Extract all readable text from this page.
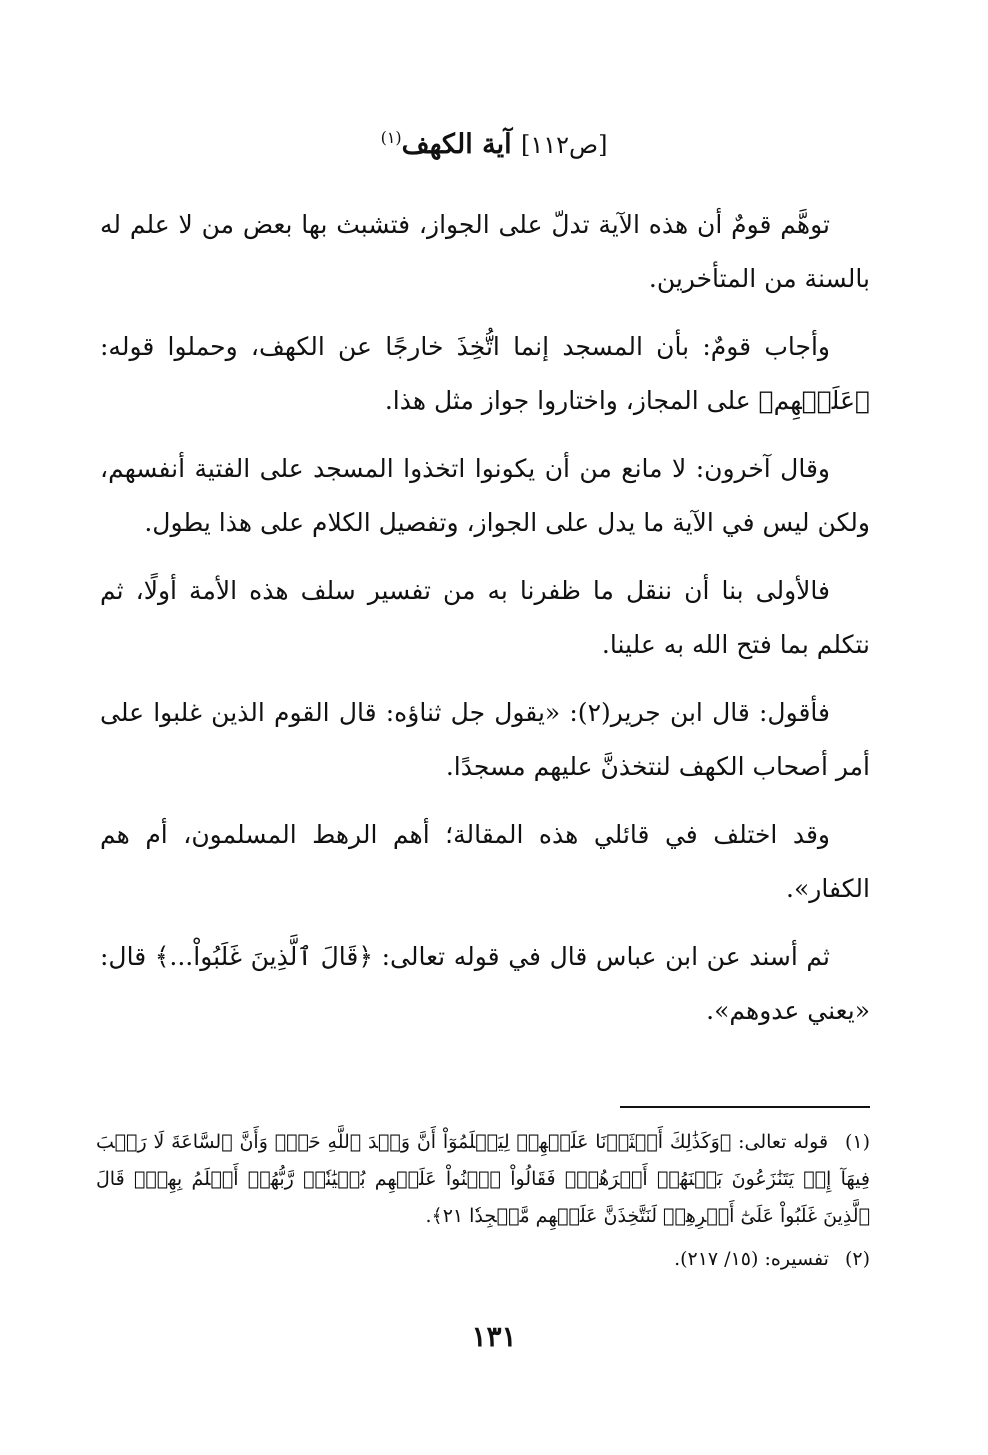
[ص١١٢] آية الكهف$^{(١)}$

توهَّم قومٌ أن هذه الآية تدلّ على الجواز، فتشبث بها بعض من لا علم له بالسنة من المتأخرين.

وأجاب قومٌ: بأن المسجد إنما اتُّخِذَ خارجًا عن الكهف، وحملوا قوله: ﴿عَلَيۡهِم﴾ على المجاز، واختاروا جواز مثل هذا.

وقال آخرون: لا مانع من أن يكونوا اتخذوا المسجد على الفتية أنفسهم، ولكن ليس في الآية ما يدل على الجواز، وتفصيل الكلام على هذا يطول.

فالأولى بنا أن ننقل ما ظفرنا به من تفسير سلف هذه الأمة أولًا، ثم نتكلم بما فتح الله به علينا.

فأقول: قال ابن جرير(٢): «يقول جل ثناؤه: قال القوم الذين غلبوا على أمر أصحاب الكهف لنتخذنَّ عليهم مسجدًا.

وقد اختلف في قائلي هذه المقالة؛ أهم الرهط المسلمون، أم هم الكفار».

ثم أسند عن ابن عباس قال في قوله تعالى: ﴿قَالَ ٱلَّذِينَ غَلَبُواْ...﴾ قال: «يعني عدوهم».

(١) قوله تعالى: ﴿وَكَذَٰلِكَ أَعۡثَرۡنَا عَلَيۡهِمۡ لِيَعۡلَمُوٓاْ أَنَّ وَعۡدَ ٱللَّهِ حَقّٞ وَأَنَّ ٱلسَّاعَةَ لَا رَيۡبَ فِيهَآ إِذۡ يَتَنَٰزَعُونَ بَيۡنَهُمۡ أَمۡرَهُمۡۖ فَقَالُواْ ٱبۡنُواْ عَلَيۡهِم بُنۡيَٰنٗاۖ رَّبُّهُمۡ أَعۡلَمُ بِهِمۡۚ قَالَ ٱلَّذِينَ غَلَبُواْ عَلَىٰٓ أَمۡرِهِمۡ لَنَتَّخِذَنَّ عَلَيۡهِم مَّسۡجِدٗا ٢١﴾.
(٢) تفسيره: (١٥/ ٢١٧).
١٣١
